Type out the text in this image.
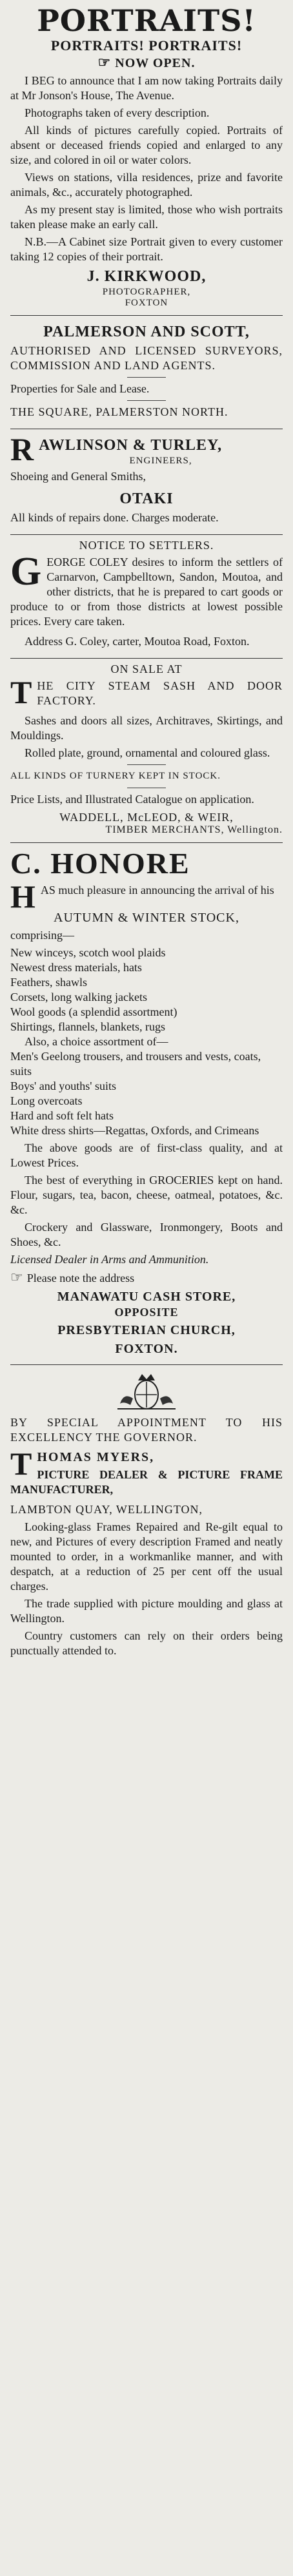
PORTRAITS!
PORTRAITS! PORTRAITS!
☞ NOW OPEN.

I BEG to announce that I am now taking Portraits daily at Mr Jonson's House, The Avenue.

Photographs taken of every description.

All kinds of pictures carefully copied. Portraits of absent or deceased friends copied and enlarged to any size, and colored in oil or water colors.

Views on stations, villa residences, prize and favorite animals, &c., accurately photographed.

As my present stay is limited, those who wish portraits taken please make an early call.

N.B.—A Cabinet size Portrait given to every customer taking 12 copies of their portrait.

J. KIRKWOOD,
PHOTOGRAPHER,
FOXTON
PALMERSON AND SCOTT,

AUTHORISED AND LICENSED SURVEYORS, COMMISSION AND LAND AGENTS.

Properties for Sale and Lease.

THE SQUARE, PALMERSTON NORTH.

R AWLINSON & TURLEY,
ENGINEERS,
Shoeing and General Smiths,
OTAKI

All kinds of repairs done. Charges moderate.

NOTICE TO SETTLERS.
G EORGE COLEY desires to inform the settlers of Carnarvon, Campbelltown, Sandon, Moutoa, and other districts, that he is prepared to cart goods or produce to or from those districts at lowest possible prices. Every care taken.

Address G. Coley, carter, Moutoa Road, Foxton.

ON SALE AT
T HE CITY STEAM SASH AND DOOR FACTORY.

Sashes and doors all sizes, Architraves, Skirtings, and Mouldings.

Rolled plate, ground, ornamental and coloured glass.

ALL KINDS OF TURNERY KEPT IN STOCK.

Price Lists, and Illustrated Catalogue on application.

WADDELL, McLEOD, & WEIR,
TIMBER MERCHANTS, Wellington.
C. HONORE
H AS much pleasure in announcing the arrival of his

AUTUMN & WINTER STOCK,
comprising—

New winceys, scotch wool plaids

Newest dress materials, hats

Feathers, shawls

Corsets, long walking jackets

Wool goods (a splendid assortment)

Shirtings, flannels, blankets, rugs

Also, a choice assortment of—

Men's Geelong trousers, and trousers and vests, coats, suits

Boys' and youths' suits

Long overcoats

Hard and soft felt hats

White dress shirts—Regattas, Oxfords, and Crimeans

The above goods are of first-class quality, and at Lowest Prices.

The best of everything in GROCERIES kept on hand. Flour, sugars, tea, bacon, cheese, oatmeal, potatoes, &c. &c.

Crockery and Glassware, Ironmongery, Boots and Shoes, &c.

Licensed Dealer in Arms and Ammunition.

☞ Please note the address
MANAWATU CASH STORE,
OPPOSITE
PRESBYTERIAN CHURCH,
FOXTON.

BY SPECIAL APPOINTMENT TO HIS EXCELLENCY THE GOVERNOR.

T HOMAS MYERS,

PICTURE DEALER & PICTURE FRAME MANUFACTURER,

LAMBTON QUAY, WELLINGTON,

Looking-glass Frames Repaired and Re-gilt equal to new, and Pictures of every description Framed and neatly mounted to order, in a workmanlike manner, and with despatch, at a reduction of 25 per cent off the usual charges.

The trade supplied with picture moulding and glass at Wellington.

Country customers can rely on their orders being punctually attended to.
